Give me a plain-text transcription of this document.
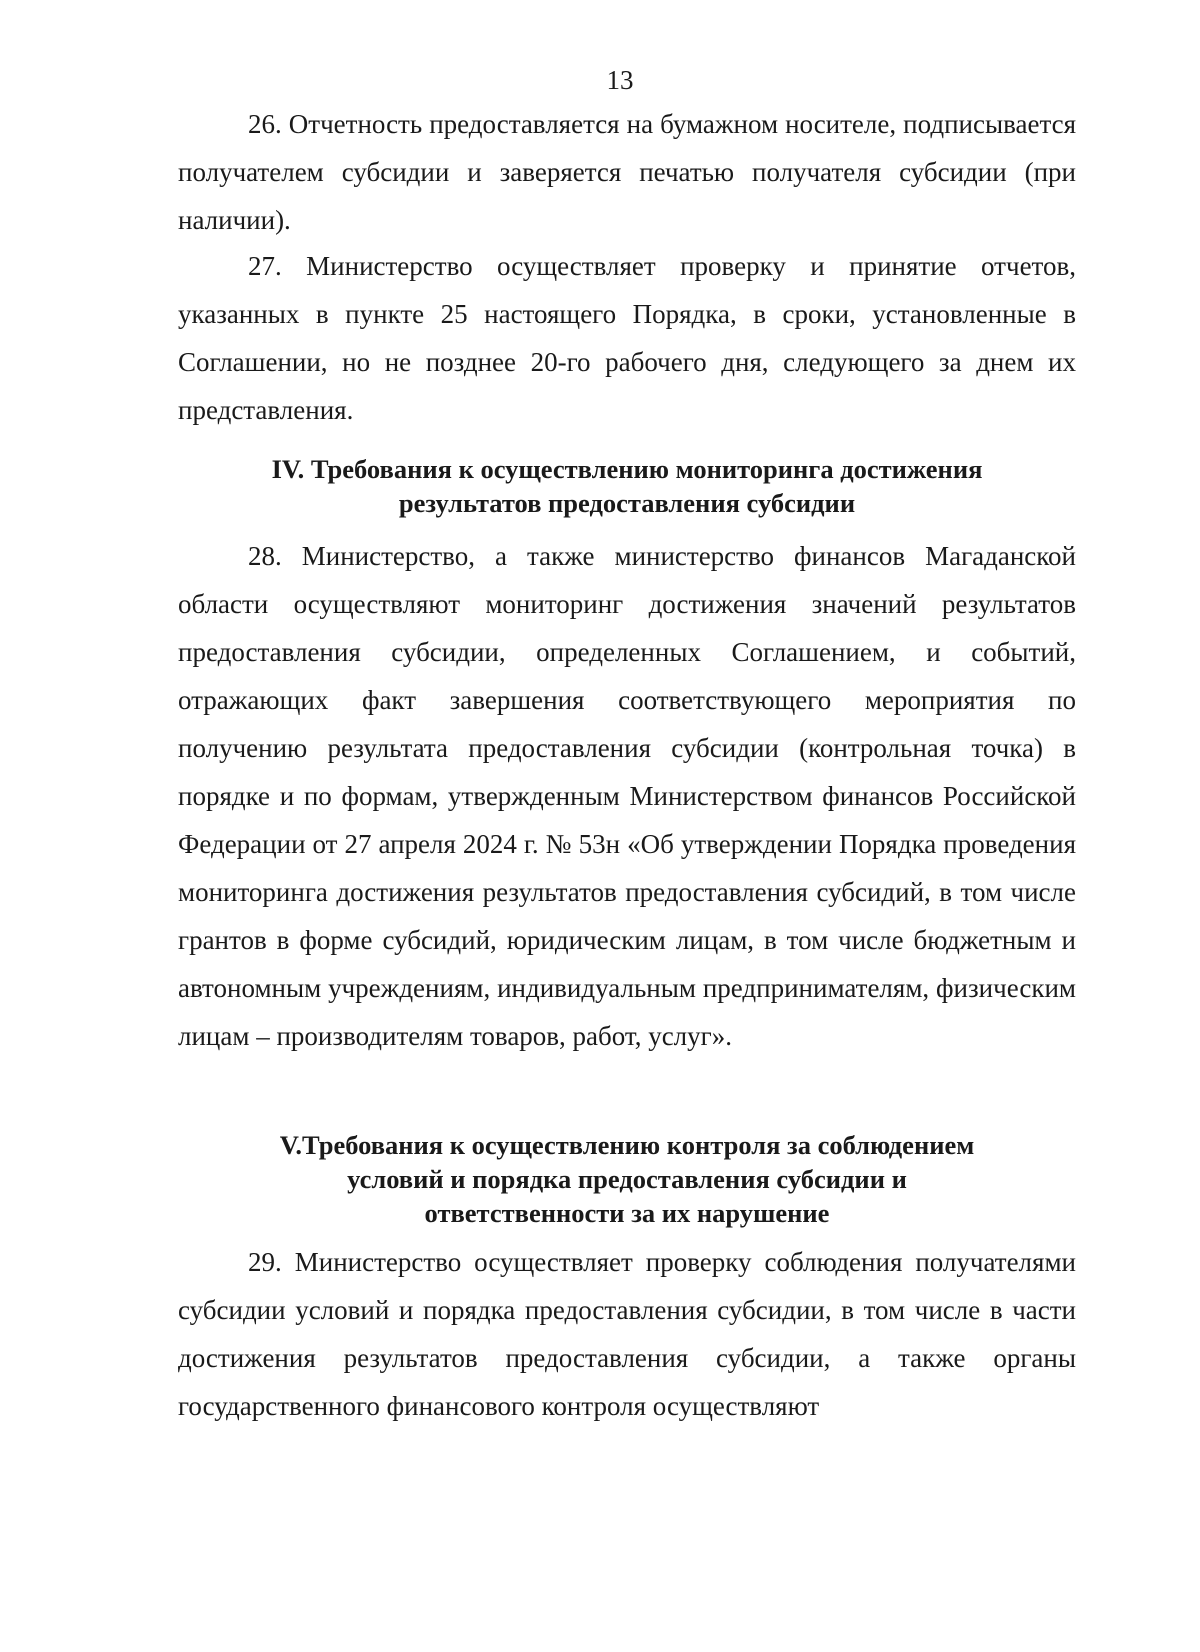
13

26. Отчетность предоставляется на бумажном носителе, подписывается получателем субсидии и заверяется печатью получателя субсидии (при наличии).

27. Министерство осуществляет проверку и принятие отчетов, указанных в пункте 25 настоящего Порядка, в сроки, установленные в Соглашении, но не позднее 20-го рабочего дня, следующего за днем их представления.

IV. Требования к осуществлению мониторинга достижения
результатов предоставления субсидии

28. Министерство, а также министерство финансов Магаданской области осуществляют мониторинг достижения значений результатов предоставления субсидии, определенных Соглашением, и событий, отражающих факт завершения соответствующего мероприятия по получению результата предоставления субсидии (контрольная точка) в порядке и по формам, утвержденным Министерством финансов Российской Федерации от 27 апреля 2024 г. № 53н «Об утверждении Порядка проведения мониторинга достижения результатов предоставления субсидий, в том числе грантов в форме субсидий, юридическим лицам, в том числе бюджетным и автономным учреждениям, индивидуальным предпринимателям, физическим лицам – производителям товаров, работ, услуг».

V.Требования к осуществлению контроля за соблюдением
условий и порядка предоставления субсидии и
ответственности за их нарушение

29. Министерство осуществляет проверку соблюдения получателями субсидии условий и порядка предоставления субсидии, в том числе в части достижения результатов предоставления субсидии, а также органы государственного финансового контроля осуществляют
